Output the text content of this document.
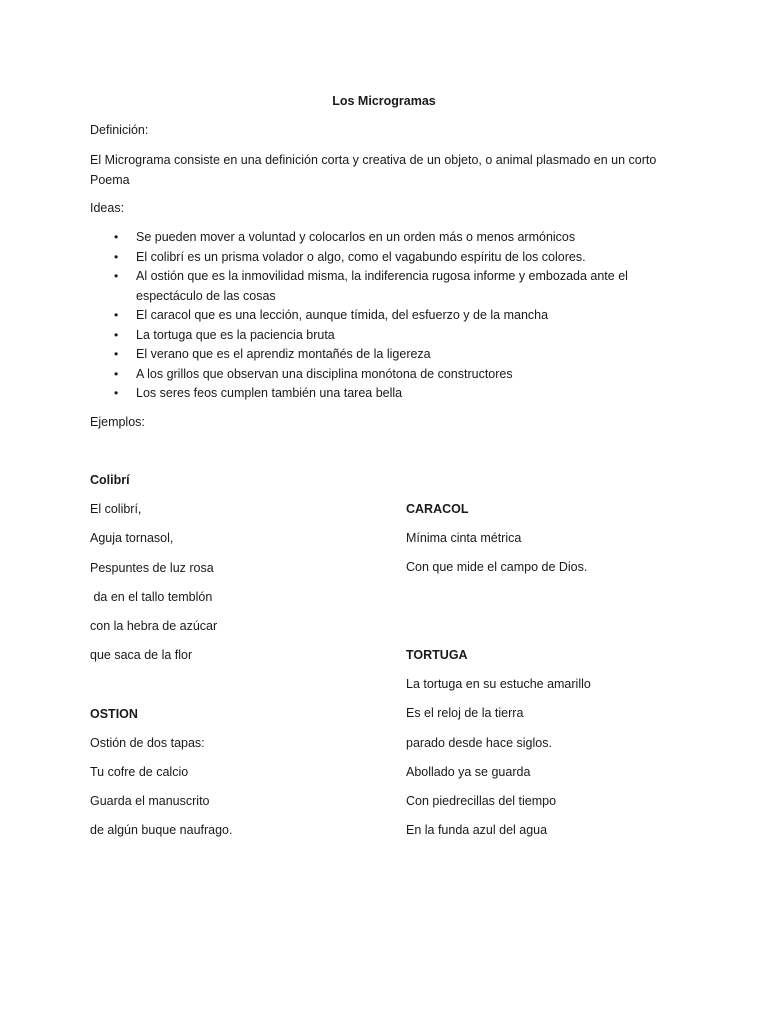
Los Microgramas
Definición:
El Micrograma consiste en una definición corta y creativa de un objeto, o animal plasmado en un corto Poema
Ideas:
• Se pueden mover a voluntad y colocarlos en un orden más o menos armónicos
• El colibrí es un prisma volador o algo, como el vagabundo espíritu de los colores.
• Al ostión que es la inmovilidad misma, la indiferencia rugosa informe y embozada ante el espectáculo de las cosas
• El caracol que es una lección, aunque tímida, del esfuerzo y de la mancha
• La tortuga que es la paciencia bruta
• El verano que es el aprendiz montañés de la ligereza
• A los grillos que observan una disciplina monótona de constructores
• Los seres feos cumplen también una tarea bella
Ejemplos:
Colibrí
El colibrí,
Aguja tornasol,
Pespuntes de luz rosa
da en el tallo temblón
con la hebra de azúcar
que saca de la flor
OSTION
Ostión de dos tapas:
Tu cofre de calcio
Guarda el manuscrito
de algún buque naufrago.
CARACOL
Mínima cinta métrica
Con que mide el campo de Dios.
TORTUGA
La tortuga en su estuche amarillo
Es el reloj de la tierra
parado desde hace siglos.
Abollado ya se guarda
Con piedrecillas del tiempo
En la funda azul del agua
